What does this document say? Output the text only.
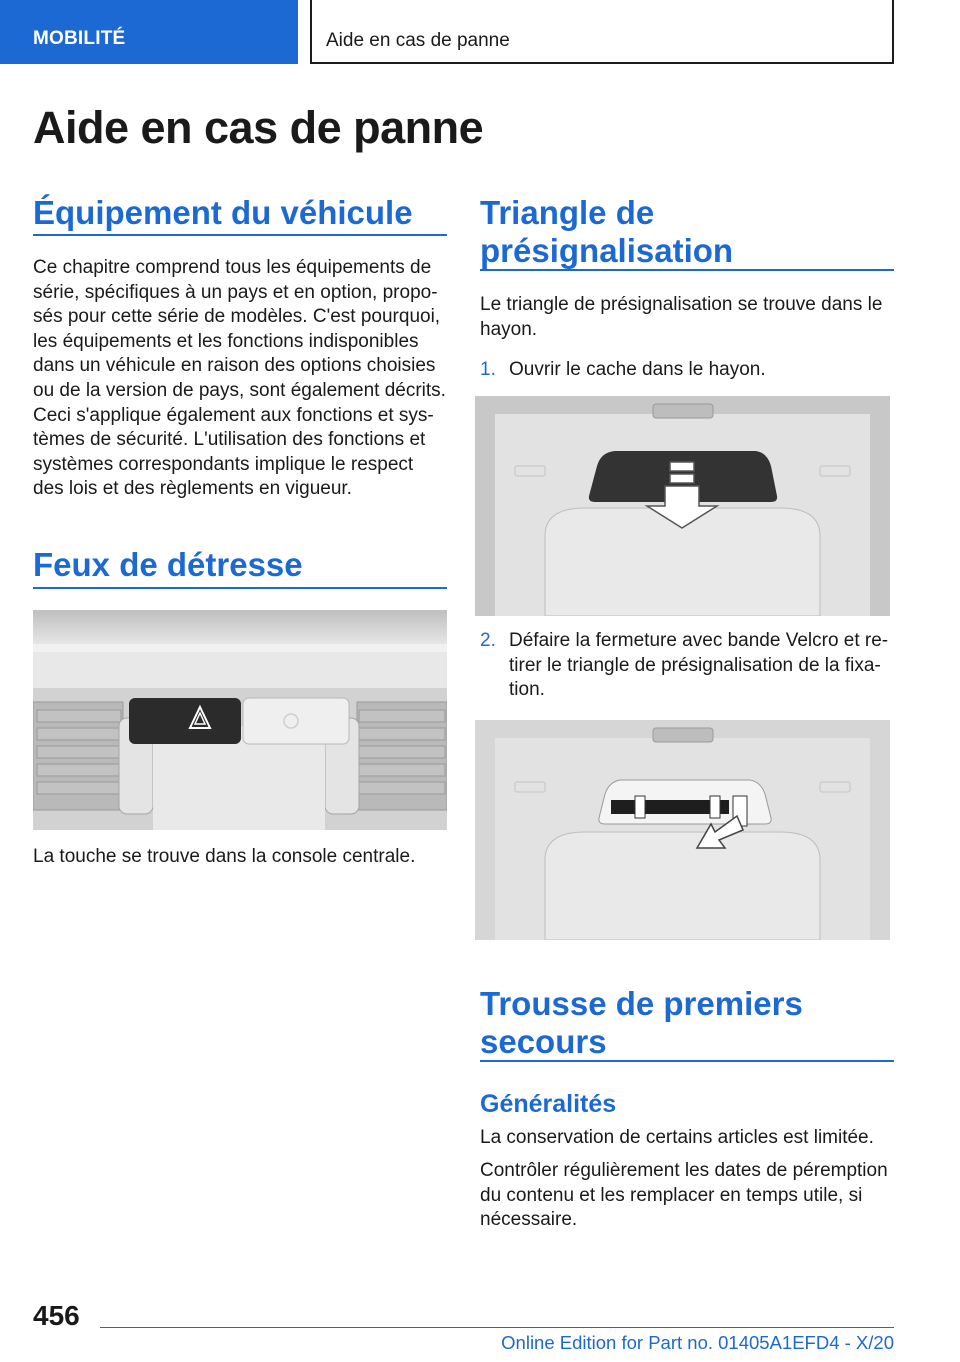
MOBILITÉ	Aide en cas de panne
Aide en cas de panne
Équipement du véhicule
Ce chapitre comprend tous les équipements de
série, spécifiques à un pays et en option, propo‐
sés pour cette série de modèles. C'est pourquoi,
les équipements et les fonctions indisponibles
dans un véhicule en raison des options choisies
ou de la version de pays, sont également décrits.
Ceci s'applique également aux fonctions et sys‐
tèmes de sécurité. L'utilisation des fonctions et
systèmes correspondants implique le respect
des lois et des règlements en vigueur.
Feux de détresse
La touche se trouve dans la console centrale.
Triangle de
présignalisation
Le triangle de présignalisation se trouve dans le
hayon.
1. Ouvrir le cache dans le hayon.
2. Défaire la fermeture avec bande Velcro et re‐
tirer le triangle de présignalisation de la fixa‐
tion.
Trousse de premiers
secours
Généralités
La conservation de certains articles est limitée.
Contrôler régulièrement les dates de péremption
du contenu et les remplacer en temps utile, si
nécessaire.
456
Online Edition for Part no. 01405A1EFD4 - X/20
